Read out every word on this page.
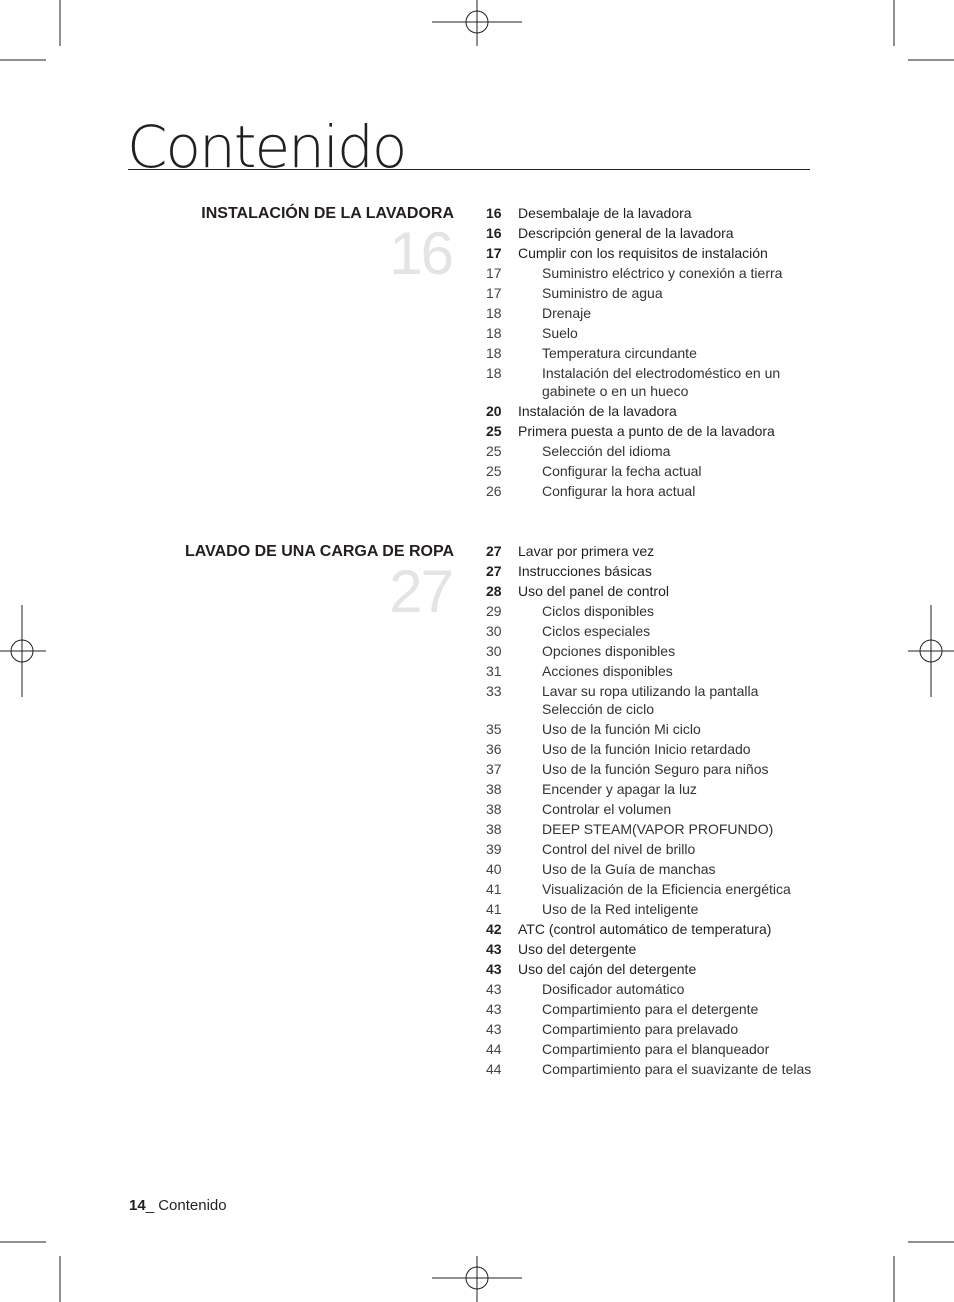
Contenido
INSTALACIÓN DE LA LAVADORA
16
16	Desembalaje de la lavadora
16	Descripción general de la lavadora
17	Cumplir con los requisitos de instalación
17	Suministro eléctrico y conexión a tierra
17	Suministro de agua
18	Drenaje
18	Suelo
18	Temperatura circundante
18	Instalación del electrodoméstico en un gabinete o en un hueco
20	Instalación de la lavadora
25	Primera puesta a punto de de la lavadora
25	Selección del idioma
25	Configurar la fecha actual
26	Configurar la hora actual
LAVADO DE UNA CARGA DE ROPA
27
27	Lavar por primera vez
27	Instrucciones básicas
28	Uso del panel de control
29	Ciclos disponibles
30	Ciclos especiales
30	Opciones disponibles
31	Acciones disponibles
33	Lavar su ropa utilizando la pantalla Selección de ciclo
35	Uso de la función Mi ciclo
36	Uso de la función Inicio retardado
37	Uso de la función Seguro para niños
38	Encender y apagar la luz
38	Controlar el volumen
38	DEEP STEAM(VAPOR PROFUNDO)
39	Control del nivel de brillo
40	Uso de la Guía de manchas
41	Visualización de la Eficiencia energética
41	Uso de la Red inteligente
42	ATC (control automático de temperatura)
43	Uso del detergente
43	Uso del cajón del detergente
43	Dosificador automático
43	Compartimiento para el detergente
43	Compartimiento para prelavado
44	Compartimiento para el blanqueador
44	Compartimiento para el suavizante de telas
14_ Contenido
